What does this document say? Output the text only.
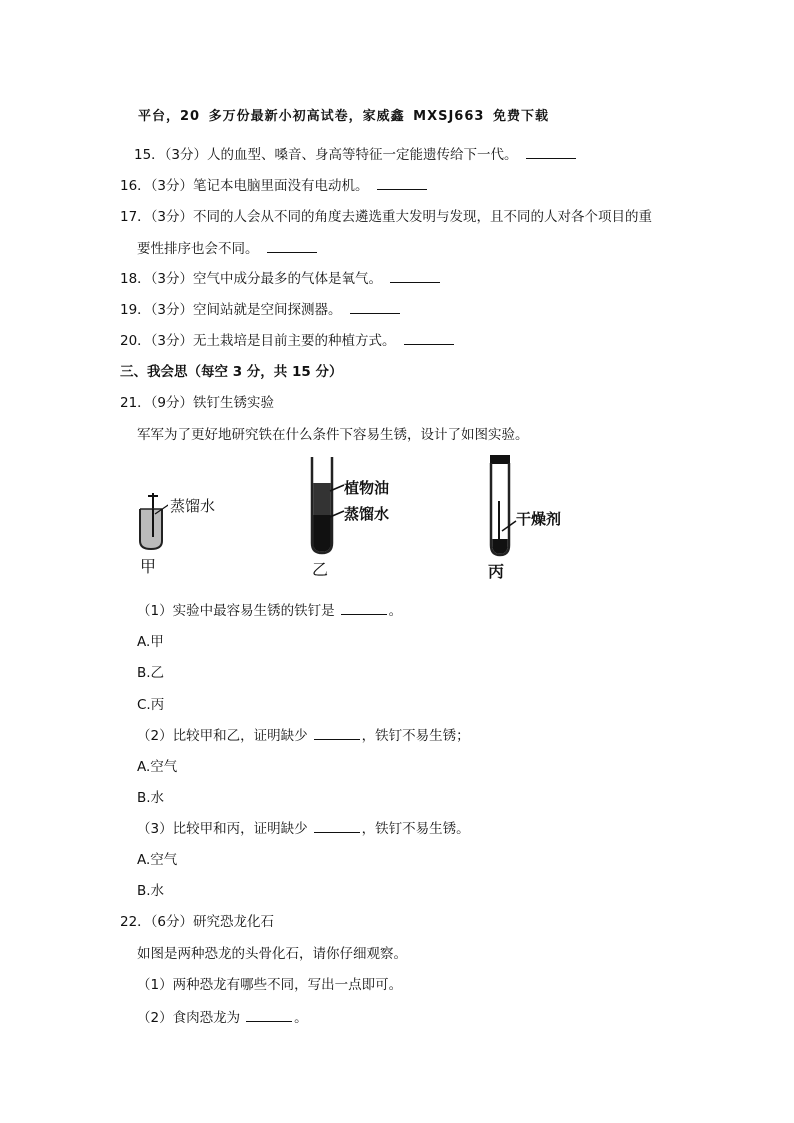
平台，20 多万份最新小初高试卷，家威鑫 MXSJ663 免费下载
15．（3分）人的血型、嗓音、身高等特征一定能遗传给下一代。
16．（3分）笔记本电脑里面没有电动机。
17．（3分）不同的人会从不同的角度去遴选重大发明与发现，且不同的人对各个项目的重
要性排序也会不同。
18．（3分）空气中成分最多的气体是氧气。
19．（3分）空间站就是空间探测器。
20．（3分）无土栽培是目前主要的种植方式。
三、我会思（每空 3 分，共 15 分）
21．（9分）铁钉生锈实验
军军为了更好地研究铁在什么条件下容易生锈，设计了如图实验。
蒸馏水
甲
植物油
蒸馏水
乙
干燥剂
丙
（1）实验中最容易生锈的铁钉是	。
A.甲
B.乙
C.丙
（2）比较甲和乙，证明缺少	，铁钉不易生锈；
A.空气
B.水
（3）比较甲和丙，证明缺少	，铁钉不易生锈。
A.空气
B.水
22．（6分）研究恐龙化石
如图是两种恐龙的头骨化石，请你仔细观察。
（1）两种恐龙有哪些不同，写出一点即可。
（2）食肉恐龙为	。
